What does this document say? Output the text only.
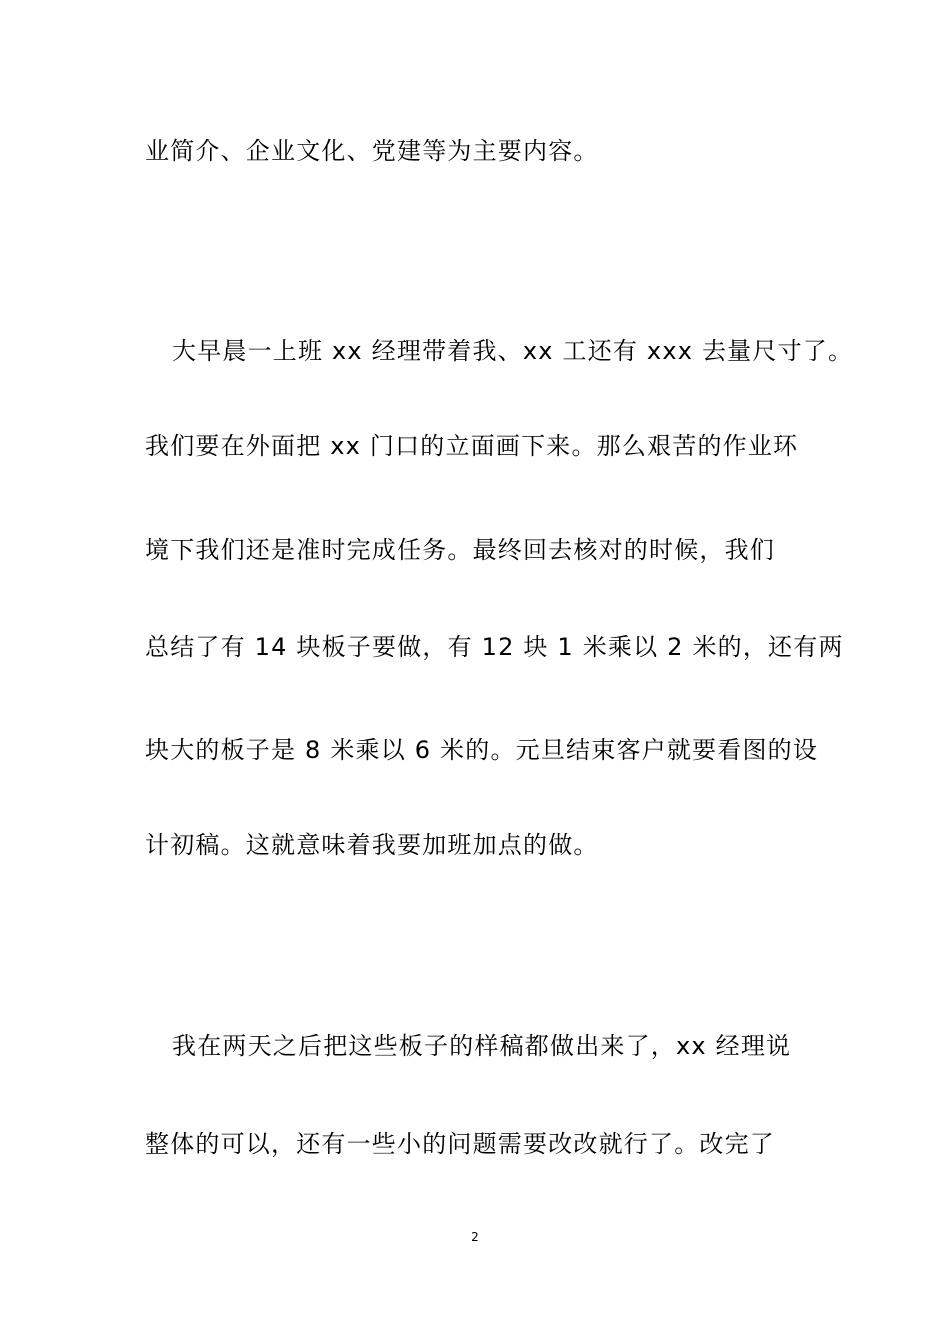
业简介、企业文化、党建等为主要内容。
大早晨一上班 xx 经理带着我、xx 工还有 xxx 去量尺寸了。
我们要在外面把 xx 门口的立面画下来。那么艰苦的作业环
境下我们还是准时完成任务。最终回去核对的时候，我们
总结了有 14 块板子要做，有 12 块 1 米乘以 2 米的，还有两
块大的板子是 8 米乘以 6 米的。元旦结束客户就要看图的设
计初稿。这就意味着我要加班加点的做。
我在两天之后把这些板子的样稿都做出来了，xx 经理说
整体的可以，还有一些小的问题需要改改就行了。改完了
2
